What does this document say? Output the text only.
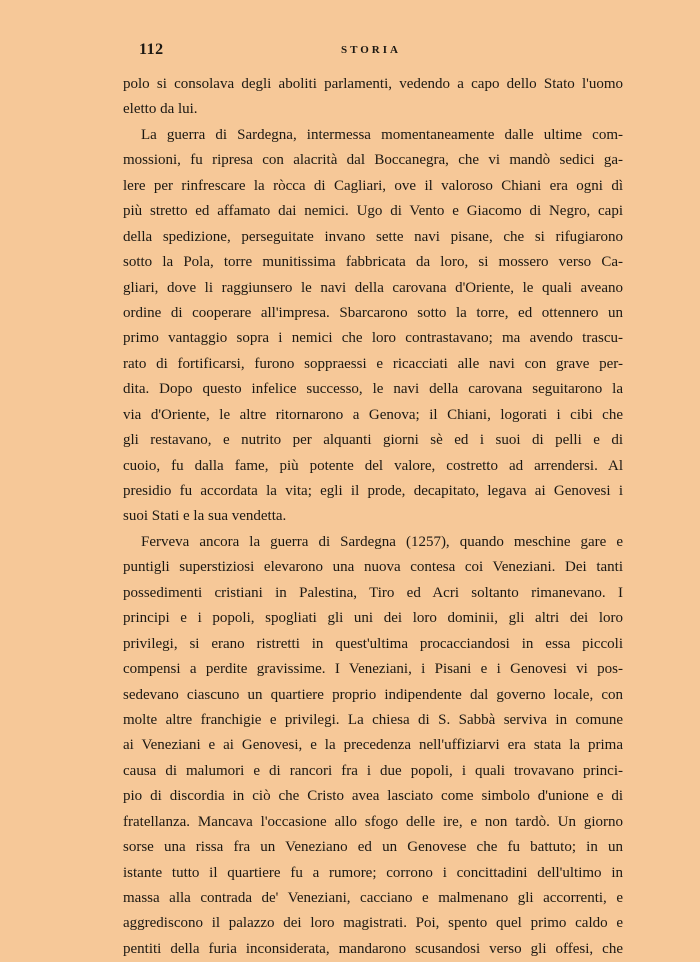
112	STORIA
polo si consolava degli aboliti parlamenti, vedendo a capo dello Stato l'uomo
eletto da lui.
La guerra di Sardegna, intermessa momentaneamente dalle ultime com-
mossioni, fu ripresa con alacrità dal Boccanegra, che vi mandò sedici ga-
lere per rinfrescare la ròcca di Cagliari, ove il valoroso Chiani era ogni dì
più stretto ed affamato dai nemici. Ugo di Vento e Giacomo di Negro, capi
della spedizione, perseguitate invano sette navi pisane, che si rifugiarono
sotto la Pola, torre munitissima fabbricata da loro, si mossero verso Ca-
gliari, dove li raggiunsero le navi della carovana d'Oriente, le quali aveano
ordine di cooperare all'impresa. Sbarcarono sotto la torre, ed ottennero un
primo vantaggio sopra i nemici che loro contrastavano; ma avendo trascu-
rato di fortificarsi, furono soppraessi e ricacciati alle navi con grave per-
dita. Dopo questo infelice successo, le navi della carovana seguitarono la
via d'Oriente, le altre ritornarono a Genova; il Chiani, logorati i cibi che
gli restavano, e nutrito per alquanti giorni sè ed i suoi di pelli e di
cuoio, fu dalla fame, più potente del valore, costretto ad arrendersi. Al
presidio fu accordata la vita; egli il prode, decapitato, legava ai Genovesi i
suoi Stati e la sua vendetta.
Ferveva ancora la guerra di Sardegna (1257), quando meschine gare e
puntigli superstiziosi elevarono una nuova contesa coi Veneziani. Dei tanti
possedimenti cristiani in Palestina, Tiro ed Acri soltanto rimanevano. I
principi e i popoli, spogliati gli uni dei loro dominii, gli altri dei loro
privilegi, si erano ristretti in quest'ultima procacciandosi in essa piccoli
compensi a perdite gravissime. I Veneziani, i Pisani e i Genovesi vi pos-
sedevano ciascuno un quartiere proprio indipendente dal governo locale, con
molte altre franchigie e privilegi. La chiesa di S. Sabbà serviva in comune
ai Veneziani e ai Genovesi, e la precedenza nell'uffiziarvi era stata la prima
causa di malumori e di rancori fra i due popoli, i quali trovavano princi-
pio di discordia in ciò che Cristo avea lasciato come simbolo d'unione e di
fratellanza. Mancava l'occasione allo sfogo delle ire, e non tardò. Un giorno
sorse una rissa fra un Veneziano ed un Genovese che fu battuto; in un
istante tutto il quartiere fu a rumore; corrono i concittadini dell'ultimo in
massa alla contrada de' Veneziani, cacciano e malmenano gli accorrenti, e
aggrediscono il palazzo dei loro magistrati. Poi, spento quel primo caldo e
pentiti della furia inconsiderata, mandarono scusandosi verso gli offesi, che
